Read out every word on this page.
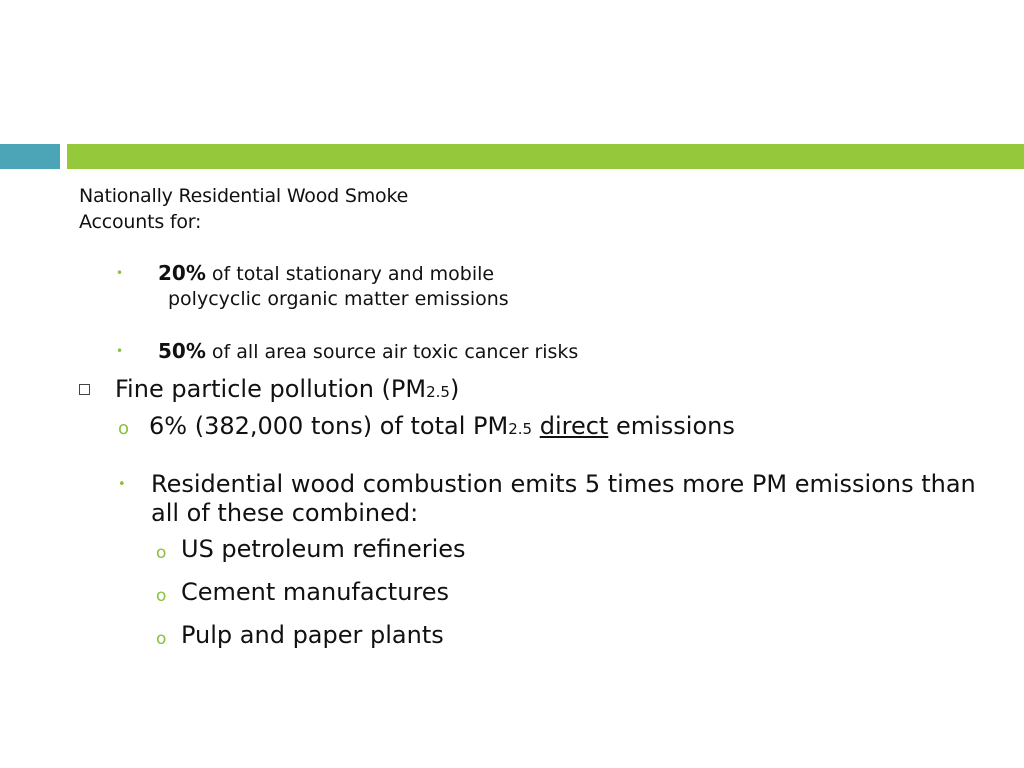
Nationally Residential Wood Smoke
Accounts for:
• 20% of total stationary and mobile
polycyclic organic matter emissions
• 50% of all area source air toxic cancer risks
Fine particle pollution (PM2.5)
o 6% (382,000 tons) of total PM2.5 direct emissions
• Residential wood combustion emits 5 times more PM emissions than
all of these combined:
o US petroleum refineries
o Cement manufactures
o Pulp and paper plants
